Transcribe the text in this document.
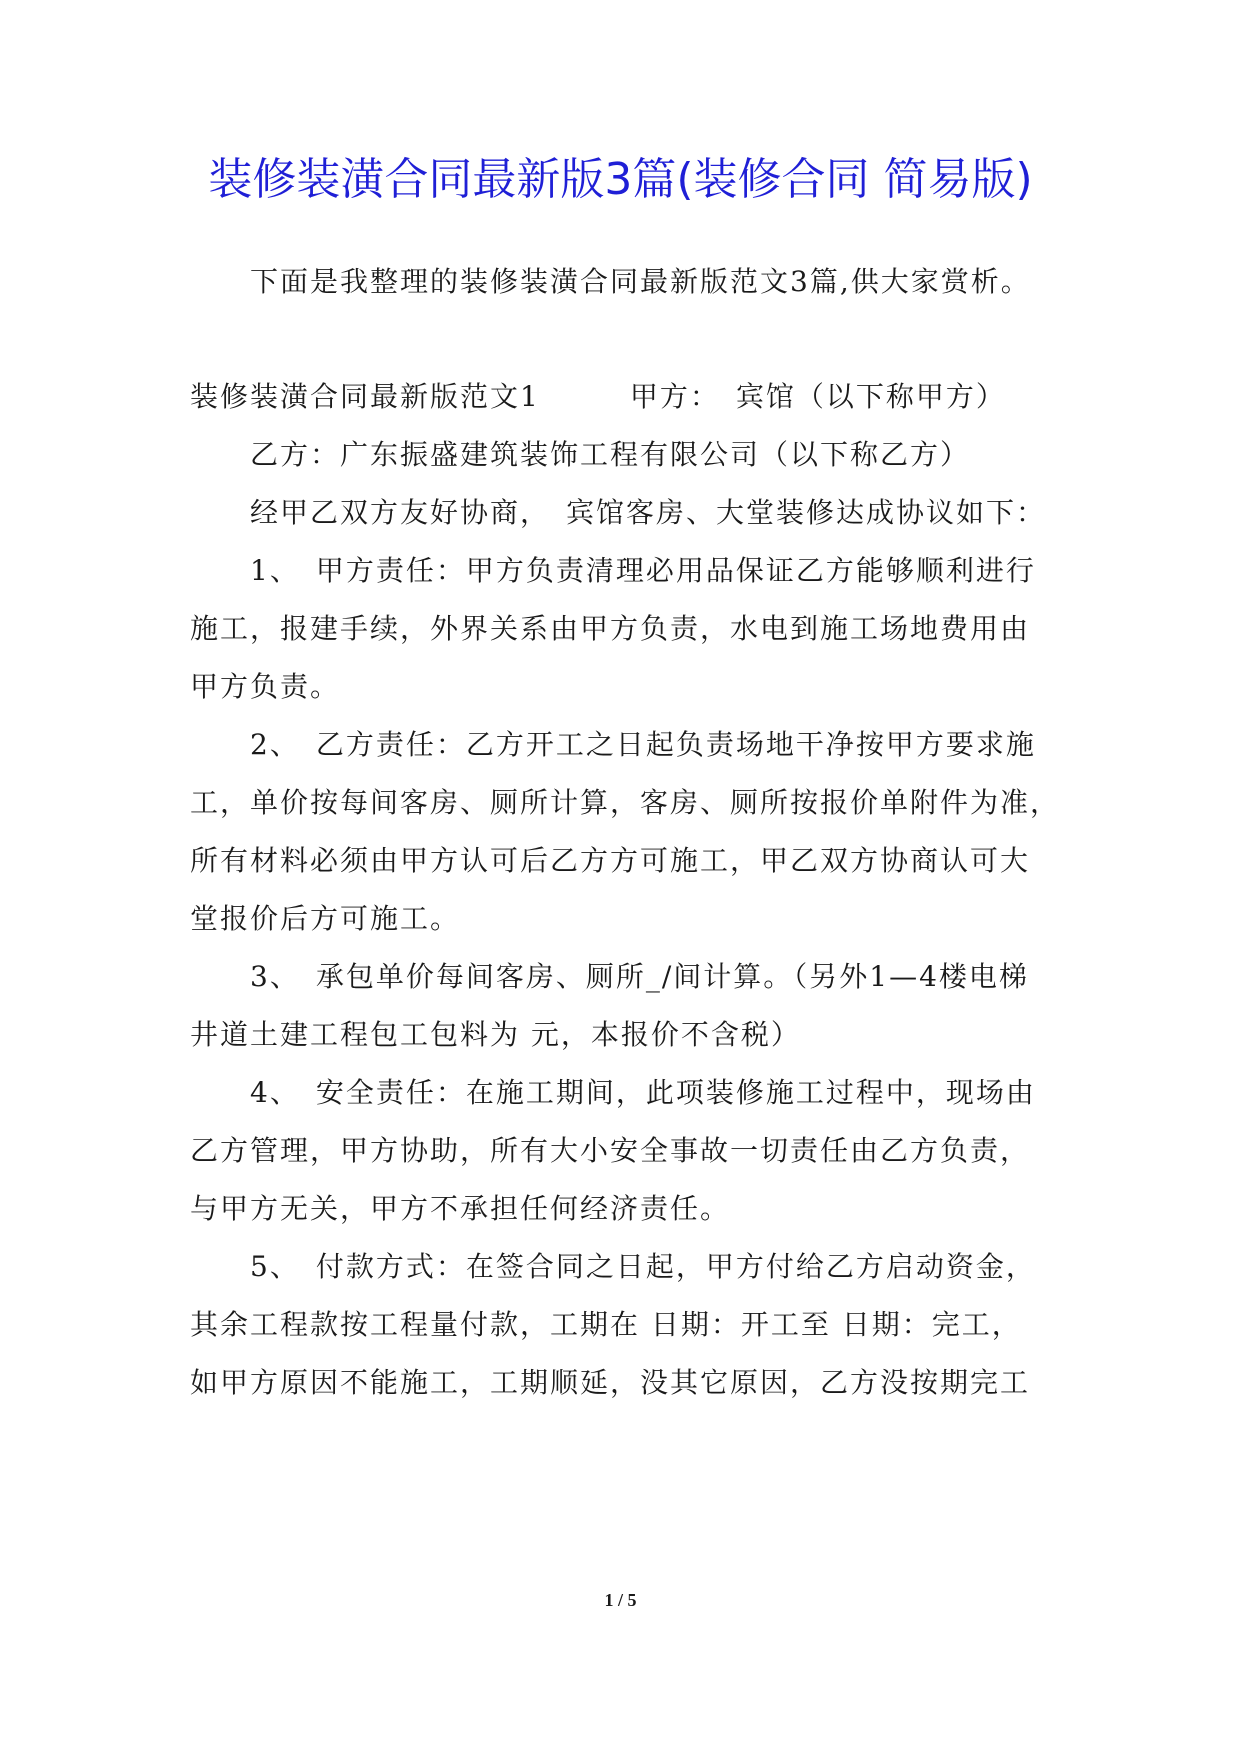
装修装潢合同最新版3篇(装修合同 简易版)
下面是我整理的装修装潢合同最新版范文3篇,供大家赏析。
装修装潢合同最新版范文1　　　甲方：　宾馆（以下称甲方）
乙方：广东振盛建筑装饰工程有限公司（以下称乙方）
经甲乙双方友好协商，　宾馆客房、大堂装修达成协议如下：
1、　甲方责任：甲方负责清理必用品保证乙方能够顺利进行
施工，报建手续，外界关系由甲方负责，水电到施工场地费用由
甲方负责。
2、　乙方责任：乙方开工之日起负责场地干净按甲方要求施
工，单价按每间客房、厕所计算，客房、厕所按报价单附件为准，
所有材料必须由甲方认可后乙方方可施工，甲乙双方协商认可大
堂报价后方可施工。
3、　承包单价每间客房、厕所_/间计算。（另外1—4楼电梯
井道土建工程包工包料为 元，本报价不含税）
4、　安全责任：在施工期间，此项装修施工过程中，现场由
乙方管理，甲方协助，所有大小安全事故一切责任由乙方负责，
与甲方无关，甲方不承担任何经济责任。
5、　付款方式：在签合同之日起，甲方付给乙方启动资金，
其余工程款按工程量付款，工期在 日期：开工至 日期：完工，
如甲方原因不能施工，工期顺延，没其它原因，乙方没按期完工
1 / 5
